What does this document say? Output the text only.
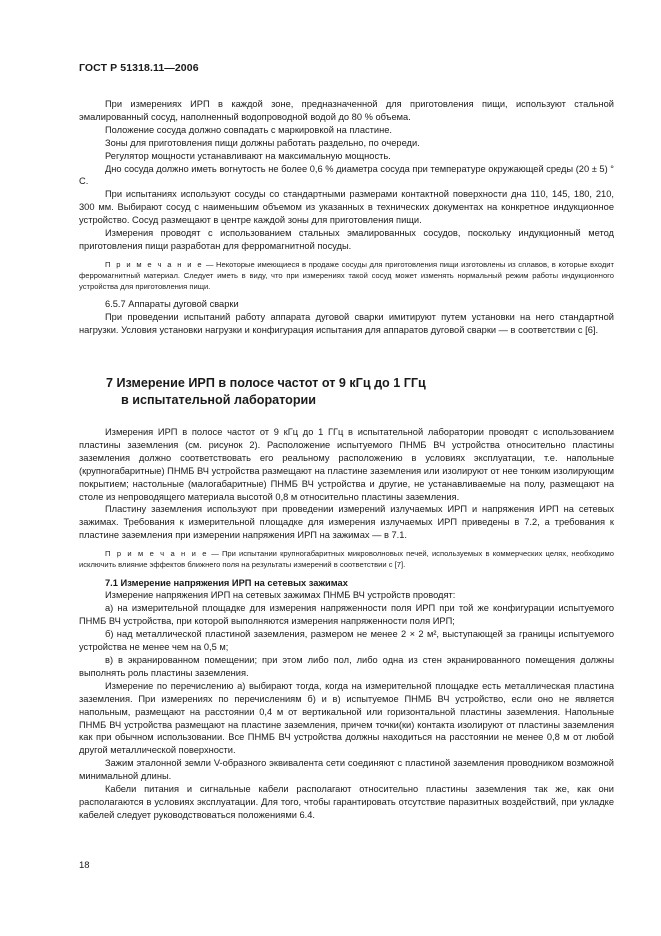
ГОСТ Р 51318.11—2006

При измерениях ИРП в каждой зоне, предназначенной для приготовления пищи, используют стальной эмалированный сосуд, наполненный водопроводной водой до 80 % объема.

Положение сосуда должно совпадать с маркировкой на пластине.

Зоны для приготовления пищи должны работать раздельно, по очереди.

Регулятор мощности устанавливают на максимальную мощность.

Дно сосуда должно иметь вогнутость не более 0,6 % диаметра сосуда при температуре окружающей среды (20 ± 5) ° С.

При испытаниях используют сосуды со стандартными размерами контактной поверхности дна 110, 145, 180, 210, 300 мм. Выбирают сосуд с наименьшим объемом из указанных в технических документах на конкретное индукционное устройство. Сосуд размещают в центре каждой зоны для приготовления пищи.

Измерения проводят с использованием стальных эмалированных сосудов, поскольку индукционный метод приготовления пищи разработан для ферромагнитной посуды.

П р и м е ч а н и е — Некоторые имеющиеся в продаже сосуды для приготовления пищи изготовлены из сплавов, в которые входит ферромагнитный материал. Следует иметь в виду, что при измерениях такой сосуд может изменять нормальный режим работы индукционного устройства для приготовления пищи.

6.5.7 Аппараты дуговой сварки

При проведении испытаний работу аппарата дуговой сварки имитируют путем установки на него стандартной нагрузки. Условия установки нагрузки и конфигурация испытания для аппаратов дуговой сварки — в соответствии с [6].

7 Измерение ИРП в полосе частот от 9 кГц до 1 ГГц
в испытательной лаборатории

Измерения ИРП в полосе частот от 9 кГц до 1 ГГц в испытательной лаборатории проводят с использованием пластины заземления (см. рисунок 2). Расположение испытуемого ПНМБ ВЧ устройства относительно пластины заземления должно соответствовать его реальному расположению в условиях эксплуатации, т.е. напольные (крупногабаритные) ПНМБ ВЧ устройства размещают на пластине заземления или изолируют от нее тонким изолирующим покрытием; настольные (малогабаритные) ПНМБ ВЧ устройства и другие, не устанавливаемые на полу, размещают на столе из непроводящего материала высотой 0,8 м относительно пластины заземления.

Пластину заземления используют при проведении измерений излучаемых ИРП и напряжения ИРП на сетевых зажимах. Требования к измерительной площадке для измерения излучаемых ИРП приведены в 7.2, а требования к пластине заземления при измерении напряжения ИРП на зажимах — в 7.1.

П р и м е ч а н и е — При испытании крупногабаритных микроволновых печей, используемых в коммерческих целях, необходимо исключить влияние эффектов ближнего поля на результаты измерений в соответствии с [7].

7.1 Измерение напряжения ИРП на сетевых зажимах

Измерение напряжения ИРП на сетевых зажимах ПНМБ ВЧ устройств проводят:

а) на измерительной площадке для измерения напряженности поля ИРП при той же конфигурации испытуемого ПНМБ ВЧ устройства, при которой выполняются измерения напряженности поля ИРП;

б) над металлической пластиной заземления, размером не менее 2 × 2 м², выступающей за границы испытуемого устройства не менее чем на 0,5 м;

в) в экранированном помещении; при этом либо пол, либо одна из стен экранированного помещения должны выполнять роль пластины заземления.

Измерение по перечислению а) выбирают тогда, когда на измерительной площадке есть металлическая пластина заземления. При измерениях по перечислениям б) и в) испытуемое ПНМБ ВЧ устройство, если оно не является напольным, размещают на расстоянии 0,4 м от вертикальной или горизонтальной пластины заземления. Напольные ПНМБ ВЧ устройства размещают на пластине заземления, причем точки(ки) контакта изолируют от пластины заземления как при обычном использовании. Все ПНМБ ВЧ устройства должны находиться на расстоянии не менее 0,8 м от любой другой металлической поверхности.

Зажим эталонной земли V-образного эквивалента сети соединяют с пластиной заземления проводником возможной минимальной длины.

Кабели питания и сигнальные кабели располагают относительно пластины заземления так же, как они располагаются в условиях эксплуатации. Для того, чтобы гарантировать отсутствие паразитных воздействий, при укладке кабелей следует руководствоваться положениями 6.4.

18
